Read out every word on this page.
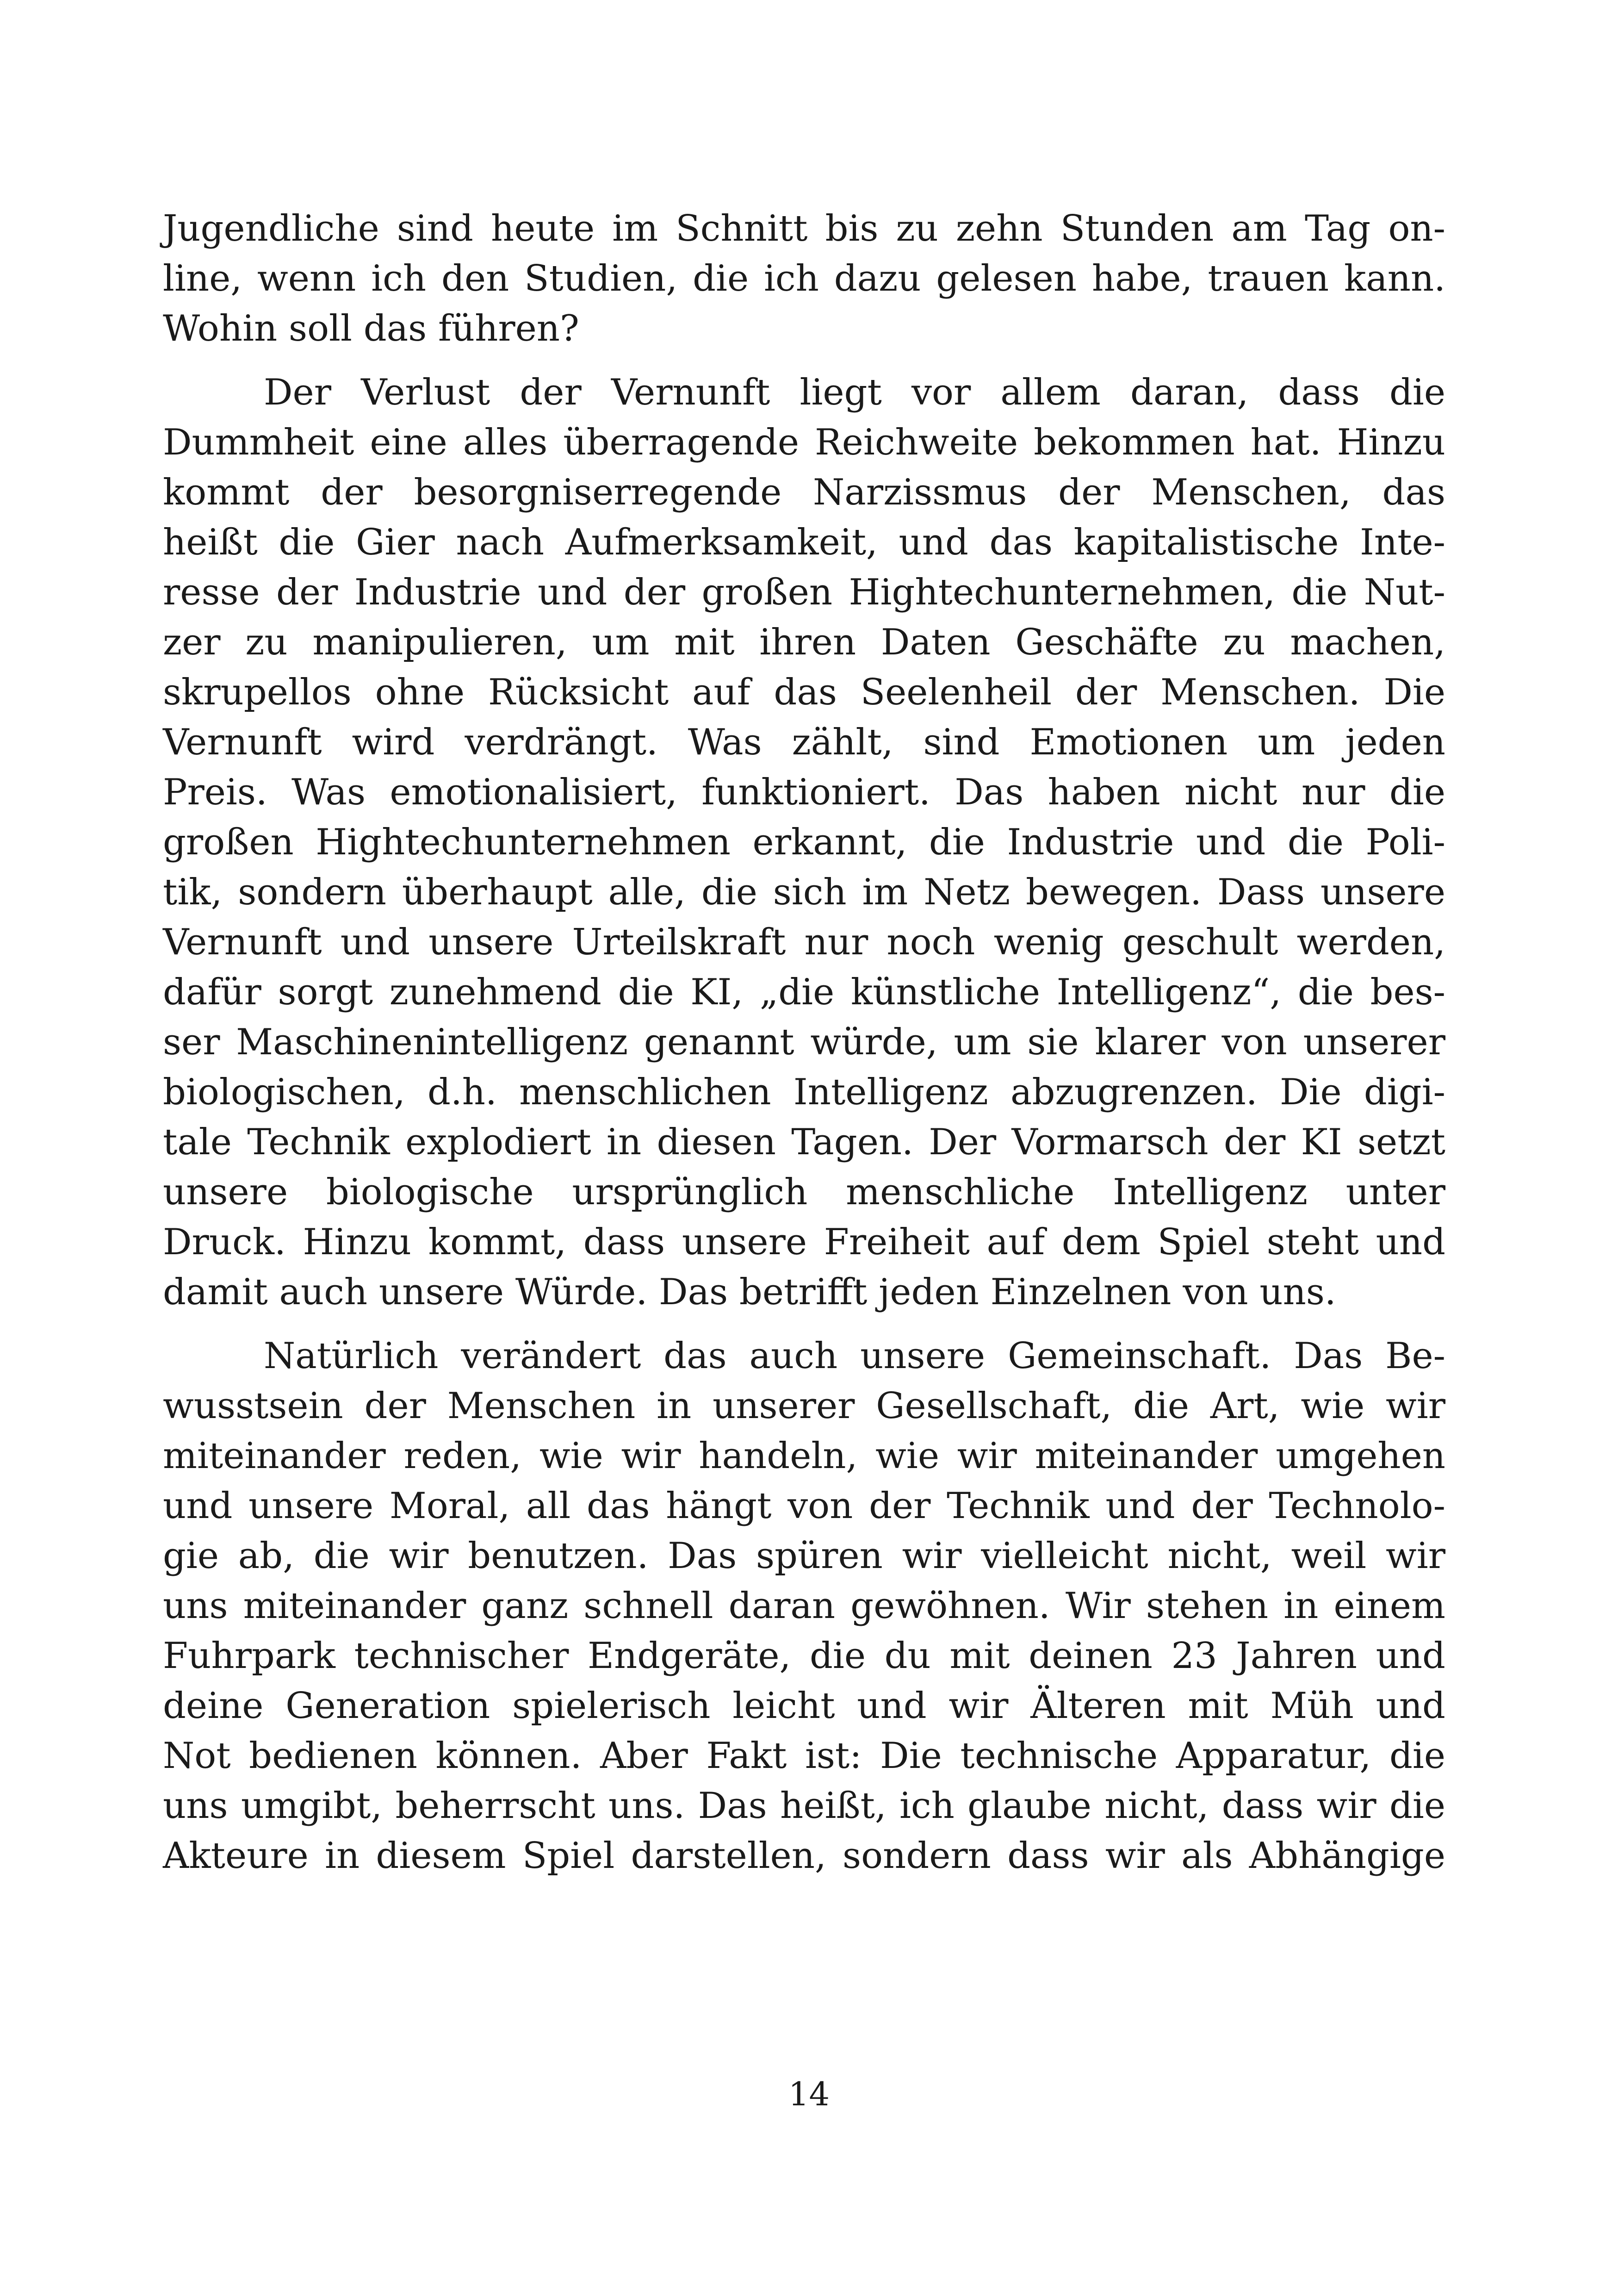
Jugendliche sind heute im Schnitt bis zu zehn Stunden am Tag on-
line, wenn ich den Studien, die ich dazu gelesen habe, trauen kann.
Wohin soll das führen?
Der Verlust der Vernunft liegt vor allem daran, dass die
Dummheit eine alles überragende Reichweite bekommen hat. Hinzu
kommt der besorgniserregende Narzissmus der Menschen, das
heißt die Gier nach Aufmerksamkeit, und das kapitalistische Inte-
resse der Industrie und der großen Hightechunternehmen, die Nut-
zer zu manipulieren, um mit ihren Daten Geschäfte zu machen,
skrupellos ohne Rücksicht auf das Seelenheil der Menschen. Die
Vernunft wird verdrängt. Was zählt, sind Emotionen um jeden
Preis. Was emotionalisiert, funktioniert. Das haben nicht nur die
großen Hightechunternehmen erkannt, die Industrie und die Poli-
tik, sondern überhaupt alle, die sich im Netz bewegen. Dass unsere
Vernunft und unsere Urteilskraft nur noch wenig geschult werden,
dafür sorgt zunehmend die KI, „die künstliche Intelligenz“, die bes-
ser Maschinenintelligenz genannt würde, um sie klarer von unserer
biologischen, d.h. menschlichen Intelligenz abzugrenzen. Die digi-
tale Technik explodiert in diesen Tagen. Der Vormarsch der KI setzt
unsere biologische ursprünglich menschliche Intelligenz unter
Druck. Hinzu kommt, dass unsere Freiheit auf dem Spiel steht und
damit auch unsere Würde. Das betrifft jeden Einzelnen von uns.
Natürlich verändert das auch unsere Gemeinschaft. Das Be-
wusstsein der Menschen in unserer Gesellschaft, die Art, wie wir
miteinander reden, wie wir handeln, wie wir miteinander umgehen
und unsere Moral, all das hängt von der Technik und der Technolo-
gie ab, die wir benutzen. Das spüren wir vielleicht nicht, weil wir
uns miteinander ganz schnell daran gewöhnen. Wir stehen in einem
Fuhrpark technischer Endgeräte, die du mit deinen 23 Jahren und
deine Generation spielerisch leicht und wir Älteren mit Müh und
Not bedienen können. Aber Fakt ist: Die technische Apparatur, die
uns umgibt, beherrscht uns. Das heißt, ich glaube nicht, dass wir die
Akteure in diesem Spiel darstellen, sondern dass wir als Abhängige
14
